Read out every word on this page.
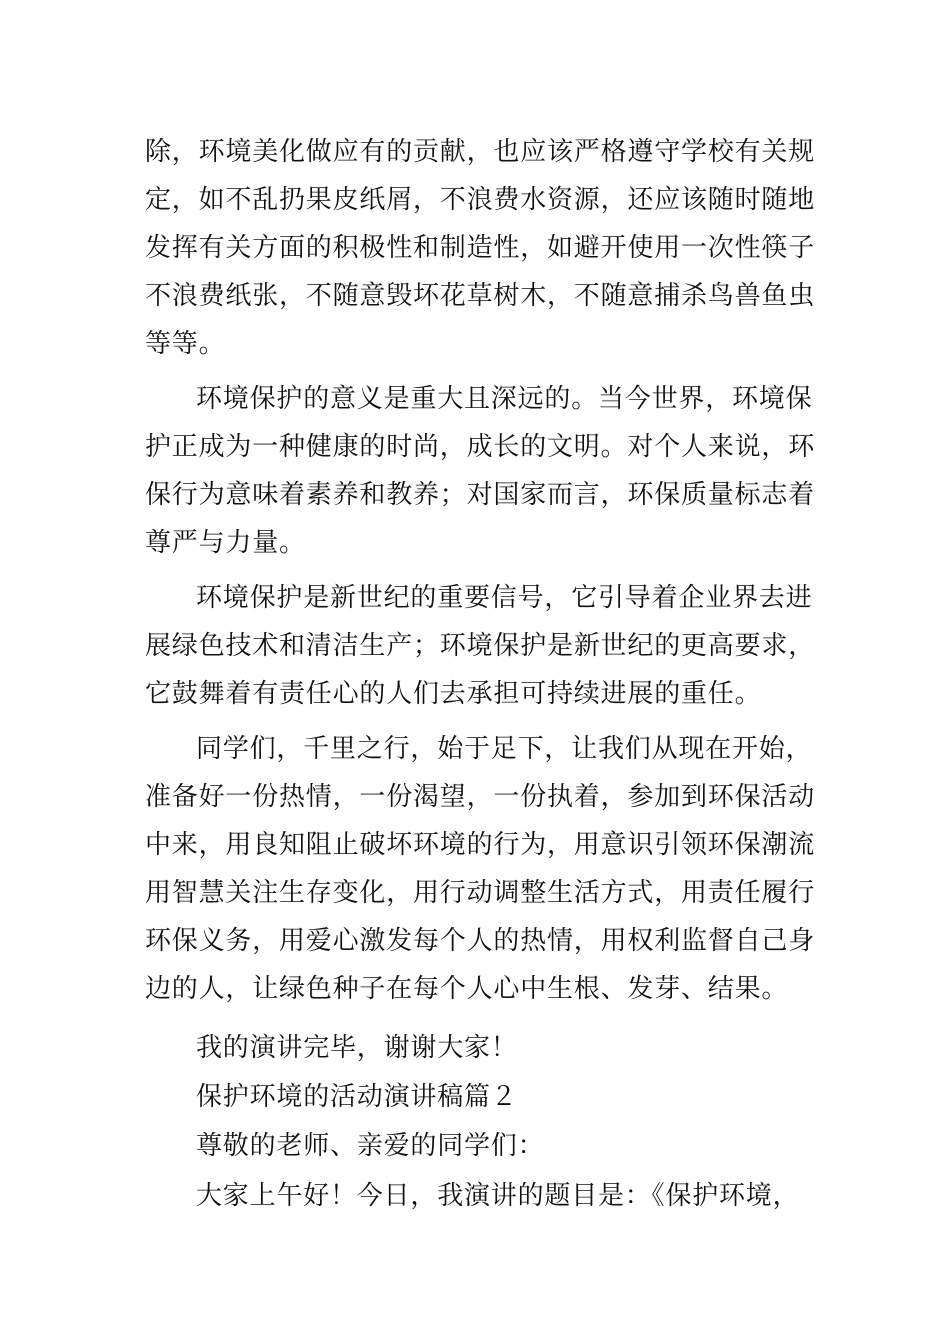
除，环境美化做应有的贡献，也应该严格遵守学校有关规
定，如不乱扔果皮纸屑，不浪费水资源，还应该随时随地
发挥有关方面的积极性和制造性，如避开使用一次性筷子
不浪费纸张，不随意毁坏花草树木，不随意捕杀鸟兽鱼虫
等等。
环境保护的意义是重大且深远的。当今世界，环境保
护正成为一种健康的时尚，成长的文明。对个人来说，环
保行为意味着素养和教养；对国家而言，环保质量标志着
尊严与力量。
环境保护是新世纪的重要信号，它引导着企业界去进
展绿色技术和清洁生产；环境保护是新世纪的更高要求，
它鼓舞着有责任心的人们去承担可持续进展的重任。
同学们，千里之行，始于足下，让我们从现在开始，
准备好一份热情，一份渴望，一份执着，参加到环保活动
中来，用良知阻止破坏环境的行为，用意识引领环保潮流
用智慧关注生存变化，用行动调整生活方式，用责任履行
环保义务，用爱心激发每个人的热情，用权利监督自己身
边的人，让绿色种子在每个人心中生根、发芽、结果。
我的演讲完毕，谢谢大家！
保护环境的活动演讲稿篇２
尊敬的老师、亲爱的同学们：
大家上午好！今日，我演讲的题目是：《保护环境，
